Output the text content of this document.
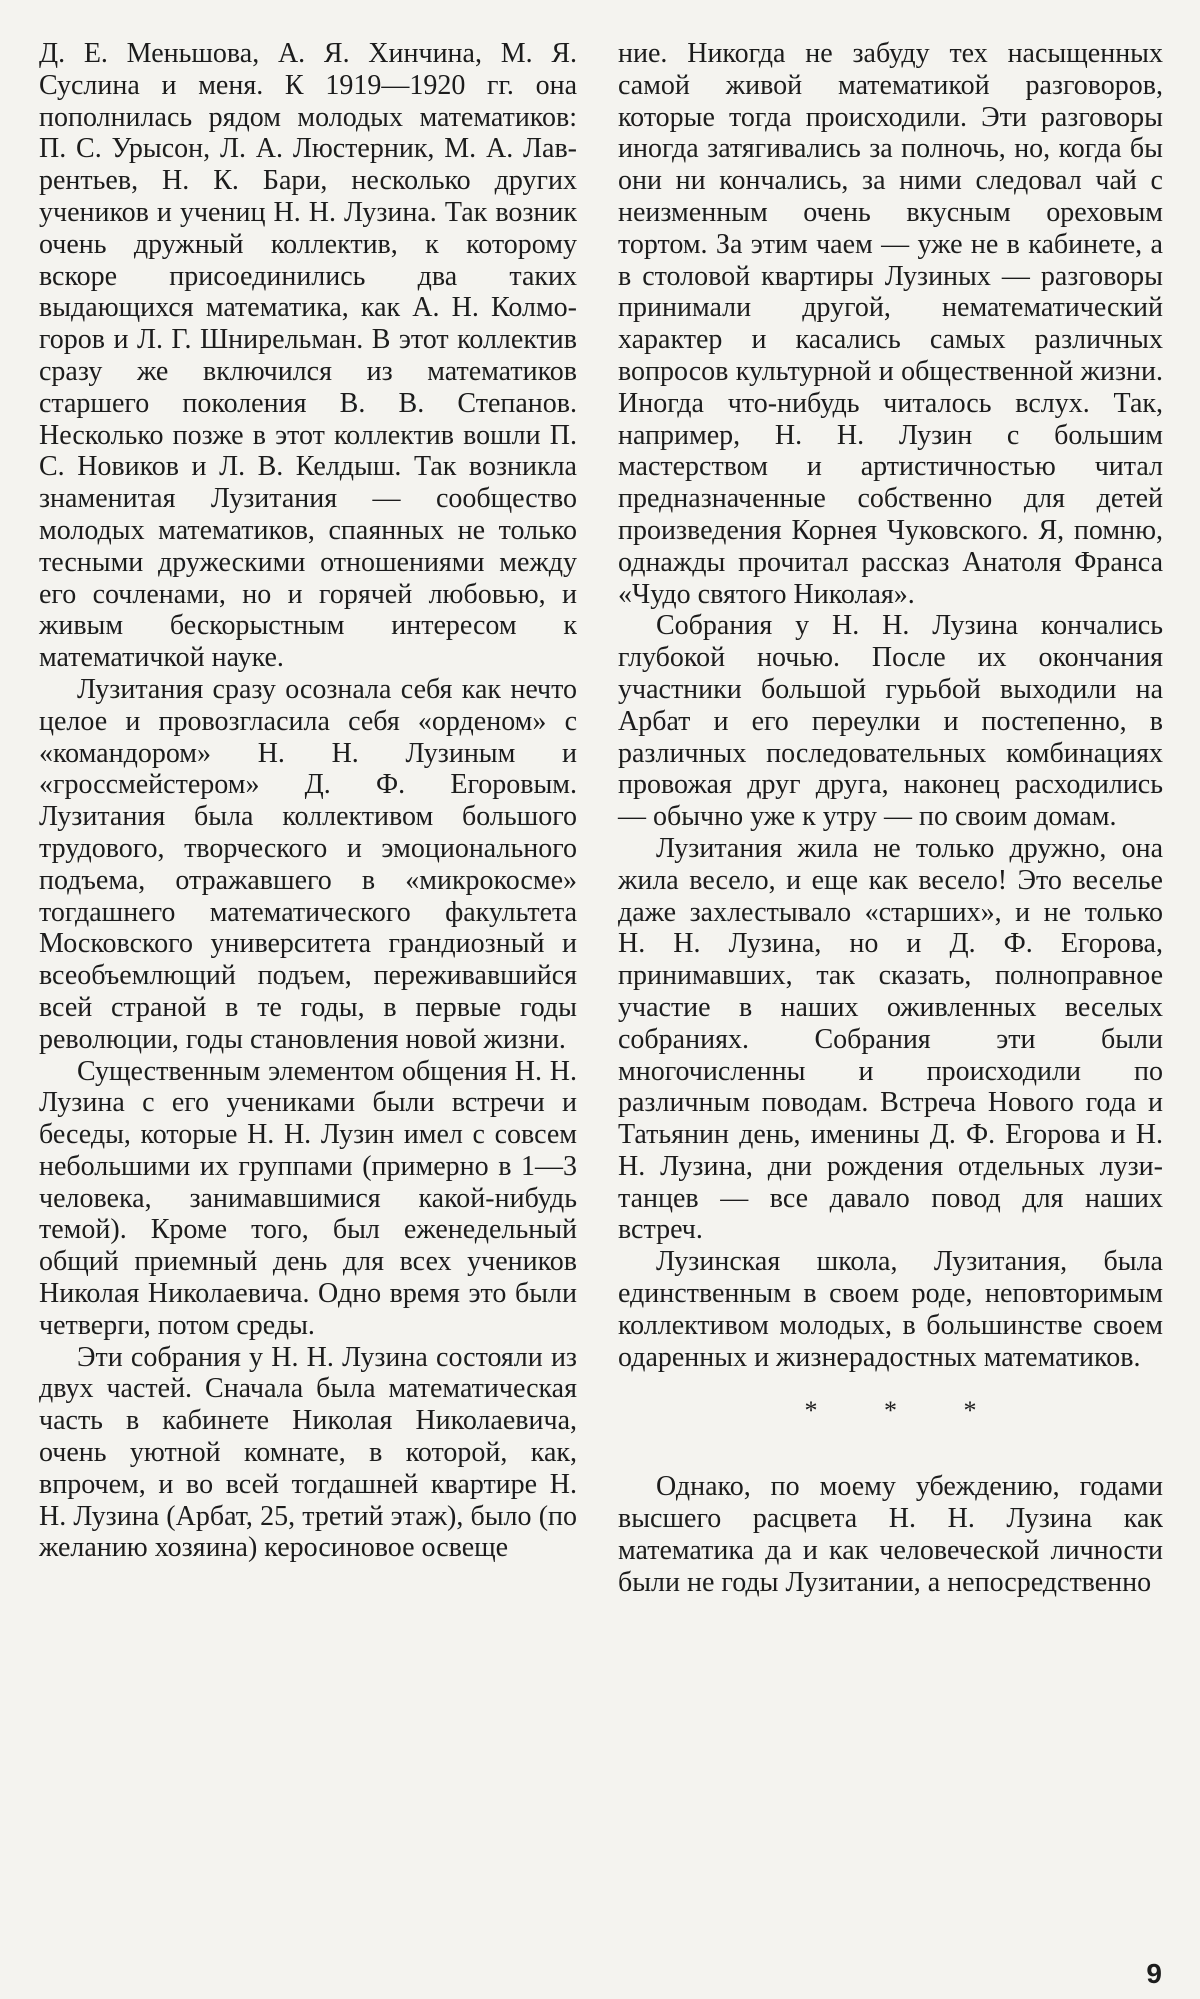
Д. Е. Меньшова, А. Я. Хинчина, М. Я. Суслина и меня. К 1919—1920 гг. она пополнилась рядом молодых математиков: П. С. Урысон, Л. А. Люстерник, М. А. Лаврентьев, Н. К. Бари, несколько других учеников и учениц Н. Н. Лузина. Так возник очень дружный коллектив, к которому вскоре присоединились два таких выдающихся математика, как А. Н. Колмогоров и Л. Г. Шнирельман. В этот коллектив сразу же включился из математиков старшего поколения В. В. Степанов. Несколько позже в этот коллектив вошли П. С. Новиков и Л. В. Келдыш. Так возникла знаменитая Лузитания — сообщество молодых математиков, спаянных не только тесными дружескими отношениями между его сочленами, но и горячей любовью, и живым бескорыстным интересом к математичкой науке.

Лузитания сразу осознала себя как нечто целое и провозгласила себя «орденом» с «командором» Н. Н. Лузиным и «гроссмейстером» Д. Ф. Егоровым. Лузитания была коллективом большого трудового, творческого и эмоционального подъема, отражавшего в «микрокосме» тогдашнего математического факультета Московского университета грандиозный и всеобъемлющий подъем, переживавшийся всей страной в те годы, в первые годы революции, годы становления новой жизни.

Существенным элементом общения Н. Н. Лузина с его учениками были встречи и беседы, которые Н. Н. Лузин имел с совсем небольшими их группами (примерно в 1—3 человека, занимавшимися какой-нибудь темой). Кроме того, был еженедельный общий приемный день для всех учеников Николая Николаевича. Одно время это были четверги, потом среды.

Эти собрания у Н. Н. Лузина состояли из двух частей. Сначала была математическая часть в кабинете Николая Николаевича, очень уютной комнате, в которой, как, впрочем, и во всей тогдашней квартире Н. Н. Лузина (Арбат, 25, третий этаж), было (по желанию хозяина) керосиновое освеще

ние. Никогда не забуду тех насыщенных самой живой математикой разговоров, которые тогда происходили. Эти разговоры иногда затягивались за полночь, но, когда бы они ни кончались, за ними следовал чай с неизменным очень вкусным ореховым тортом. За этим чаем — уже не в кабинете, а в столовой квартиры Лузиных — разговоры принимали другой, нематематический характер и касались самых различных вопросов культурной и общественной жизни. Иногда что-нибудь читалось вслух. Так, например, Н. Н. Лузин с большим мастерством и артистичностью читал предназначенные собственно для детей произведения Корнея Чуковского. Я, помню, однажды прочитал рассказ Анатоля Франса «Чудо святого Николая».

Собрания у Н. Н. Лузина кончались глубокой ночью. После их окончания участники большой гурьбой выходили на Арбат и его переулки и постепенно, в различных последовательных комбинациях провожая друг друга, наконец расходились — обычно уже к утру — по своим домам.

Лузитания жила не только дружно, она жила весело, и еще как весело! Это веселье даже захлестывало «старших», и не только Н. Н. Лузина, но и Д. Ф. Егорова, принимавших, так сказать, полноправное участие в наших оживленных веселых собраниях. Собрания эти были многочисленны и происходили по различным поводам. Встреча Нового года и Татьянин день, именины Д. Ф. Егорова и Н. Н. Лузина, дни рождения отдельных лузитанцев — все давало повод для наших встреч.

Лузинская школа, Лузитания, была единственным в своем роде, неповторимым коллективом молодых, в большинстве своем одаренных и жизнерадостных математиков.

* * *

Однако, по моему убеждению, годами высшего расцвета Н. Н. Лузина как математика да и как человеческой личности были не годы Лузитании, а непосредственно

9
